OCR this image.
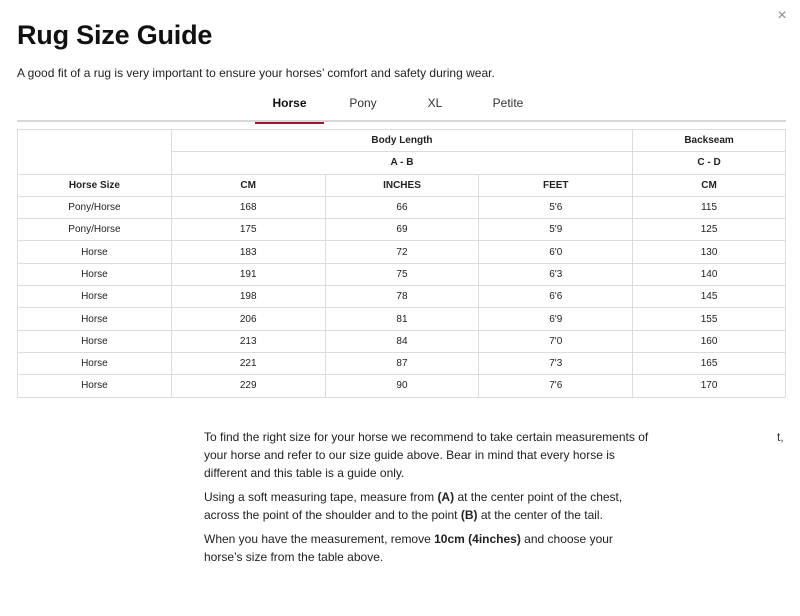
×
Rug Size Guide
A good fit of a rug is very important to ensure your horses’ comfort and safety during wear.
Horse	Pony	XL	Petite
	Body Length			Backseam
	A - B			C - D
Horse Size	CM	INCHES	FEET	CM
Pony/Horse	168	66	5'6	115
Pony/Horse	175	69	5'9	125
Horse	183	72	6'0	130
Horse	191	75	6'3	140
Horse	198	78	6'6	145
Horse	206	81	6'9	155
Horse	213	84	7'0	160
Horse	221	87	7'3	165
Horse	229	90	7'6	170

To find the right size for your horse we recommend to take certain measurements of your horse and refer to our size guide above. Bear in mind that every horse is different and this table is a guide only.

Using a soft measuring tape, measure from (A) at the center point of the chest, across the point of the shoulder and to the point (B) at the center of the tail.

When you have the measurement, remove 10cm (4inches) and choose your horse’s size from the table above.

t,
